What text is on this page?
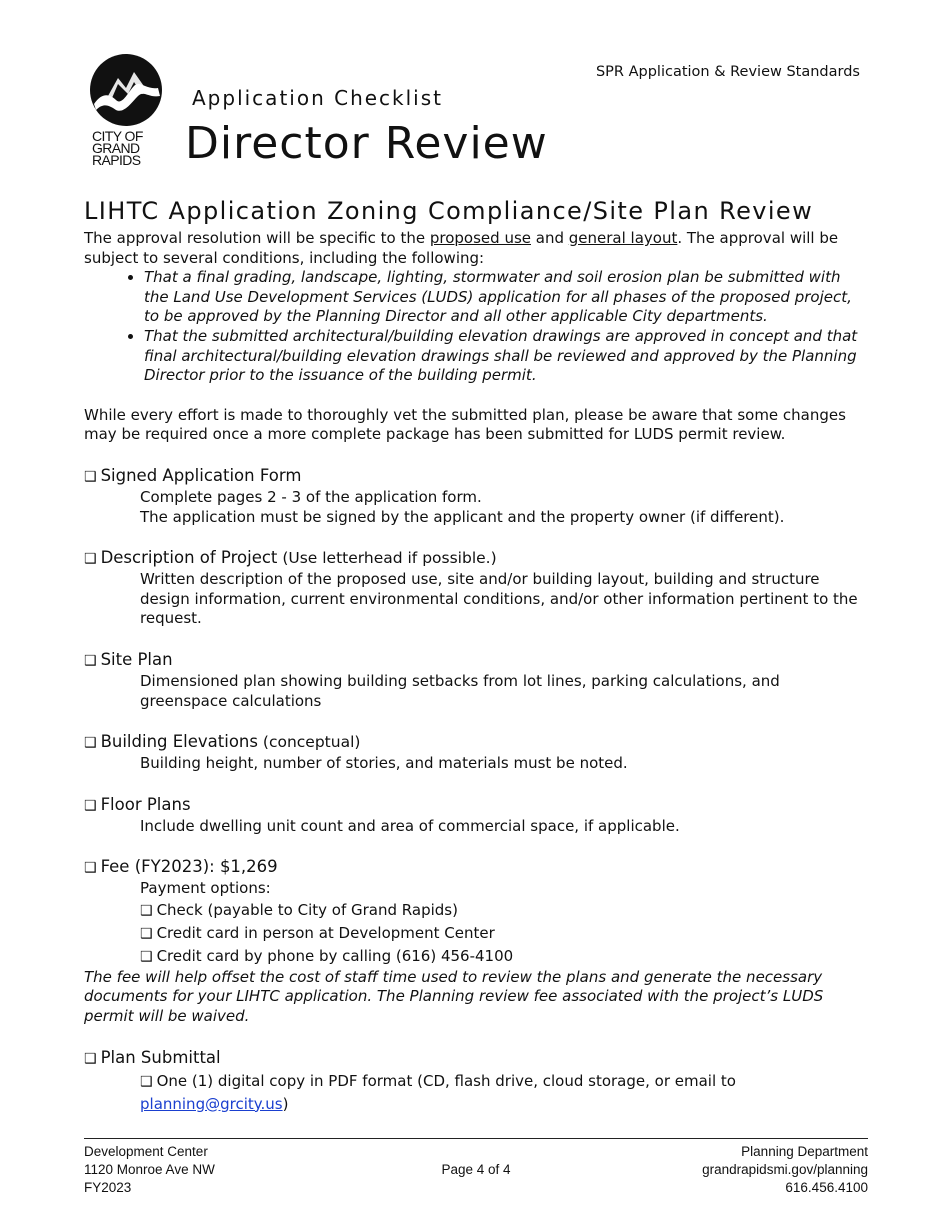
CITY OF
GRAND
RAPIDS
SPR Application & Review Standards
Application Checklist
Director Review
LIHTC Application Zoning Compliance/Site Plan Review

The approval resolution will be specific to the proposed use and general layout. The approval will be subject to several conditions, including the following:

• That a final grading, landscape, lighting, stormwater and soil erosion plan be submitted with the Land Use Development Services (LUDS) application for all phases of the proposed project, to be approved by the Planning Director and all other applicable City departments.
• That the submitted architectural/building elevation drawings are approved in concept and that final architectural/building elevation drawings shall be reviewed and approved by the Planning Director prior to the issuance of the building permit.

While every effort is made to thoroughly vet the submitted plan, please be aware that some changes may be required once a more complete package has been submitted for LUDS permit review.

❑ Signed Application Form
Complete pages 2 - 3 of the application form.
The application must be signed by the applicant and the property owner (if different).
❑ Description of Project (Use letterhead if possible.)
Written description of the proposed use, site and/or building layout, building and structure design information, current environmental conditions, and/or other information pertinent to the request.
❑ Site Plan
Dimensioned plan showing building setbacks from lot lines, parking calculations, and greenspace calculations
❑ Building Elevations (conceptual)
Building height, number of stories, and materials must be noted.
❑ Floor Plans
Include dwelling unit count and area of commercial space, if applicable.
❑ Fee (FY2023): $1,269
Payment options:
❑ Check (payable to City of Grand Rapids)
❑ Credit card in person at Development Center
❑ Credit card by phone by calling (616) 456-4100

The fee will help offset the cost of staff time used to review the plans and generate the necessary documents for your LIHTC application. The Planning review fee associated with the project’s LUDS permit will be waived.

❑ Plan Submittal
❑ One (1) digital copy in PDF format (CD, flash drive, cloud storage, or email to planning@grcity.us)
Development Center
1120 Monroe Ave NW
FY2023
Page 4 of 4
Planning Department
grandrapidsmi.gov/planning
616.456.4100
